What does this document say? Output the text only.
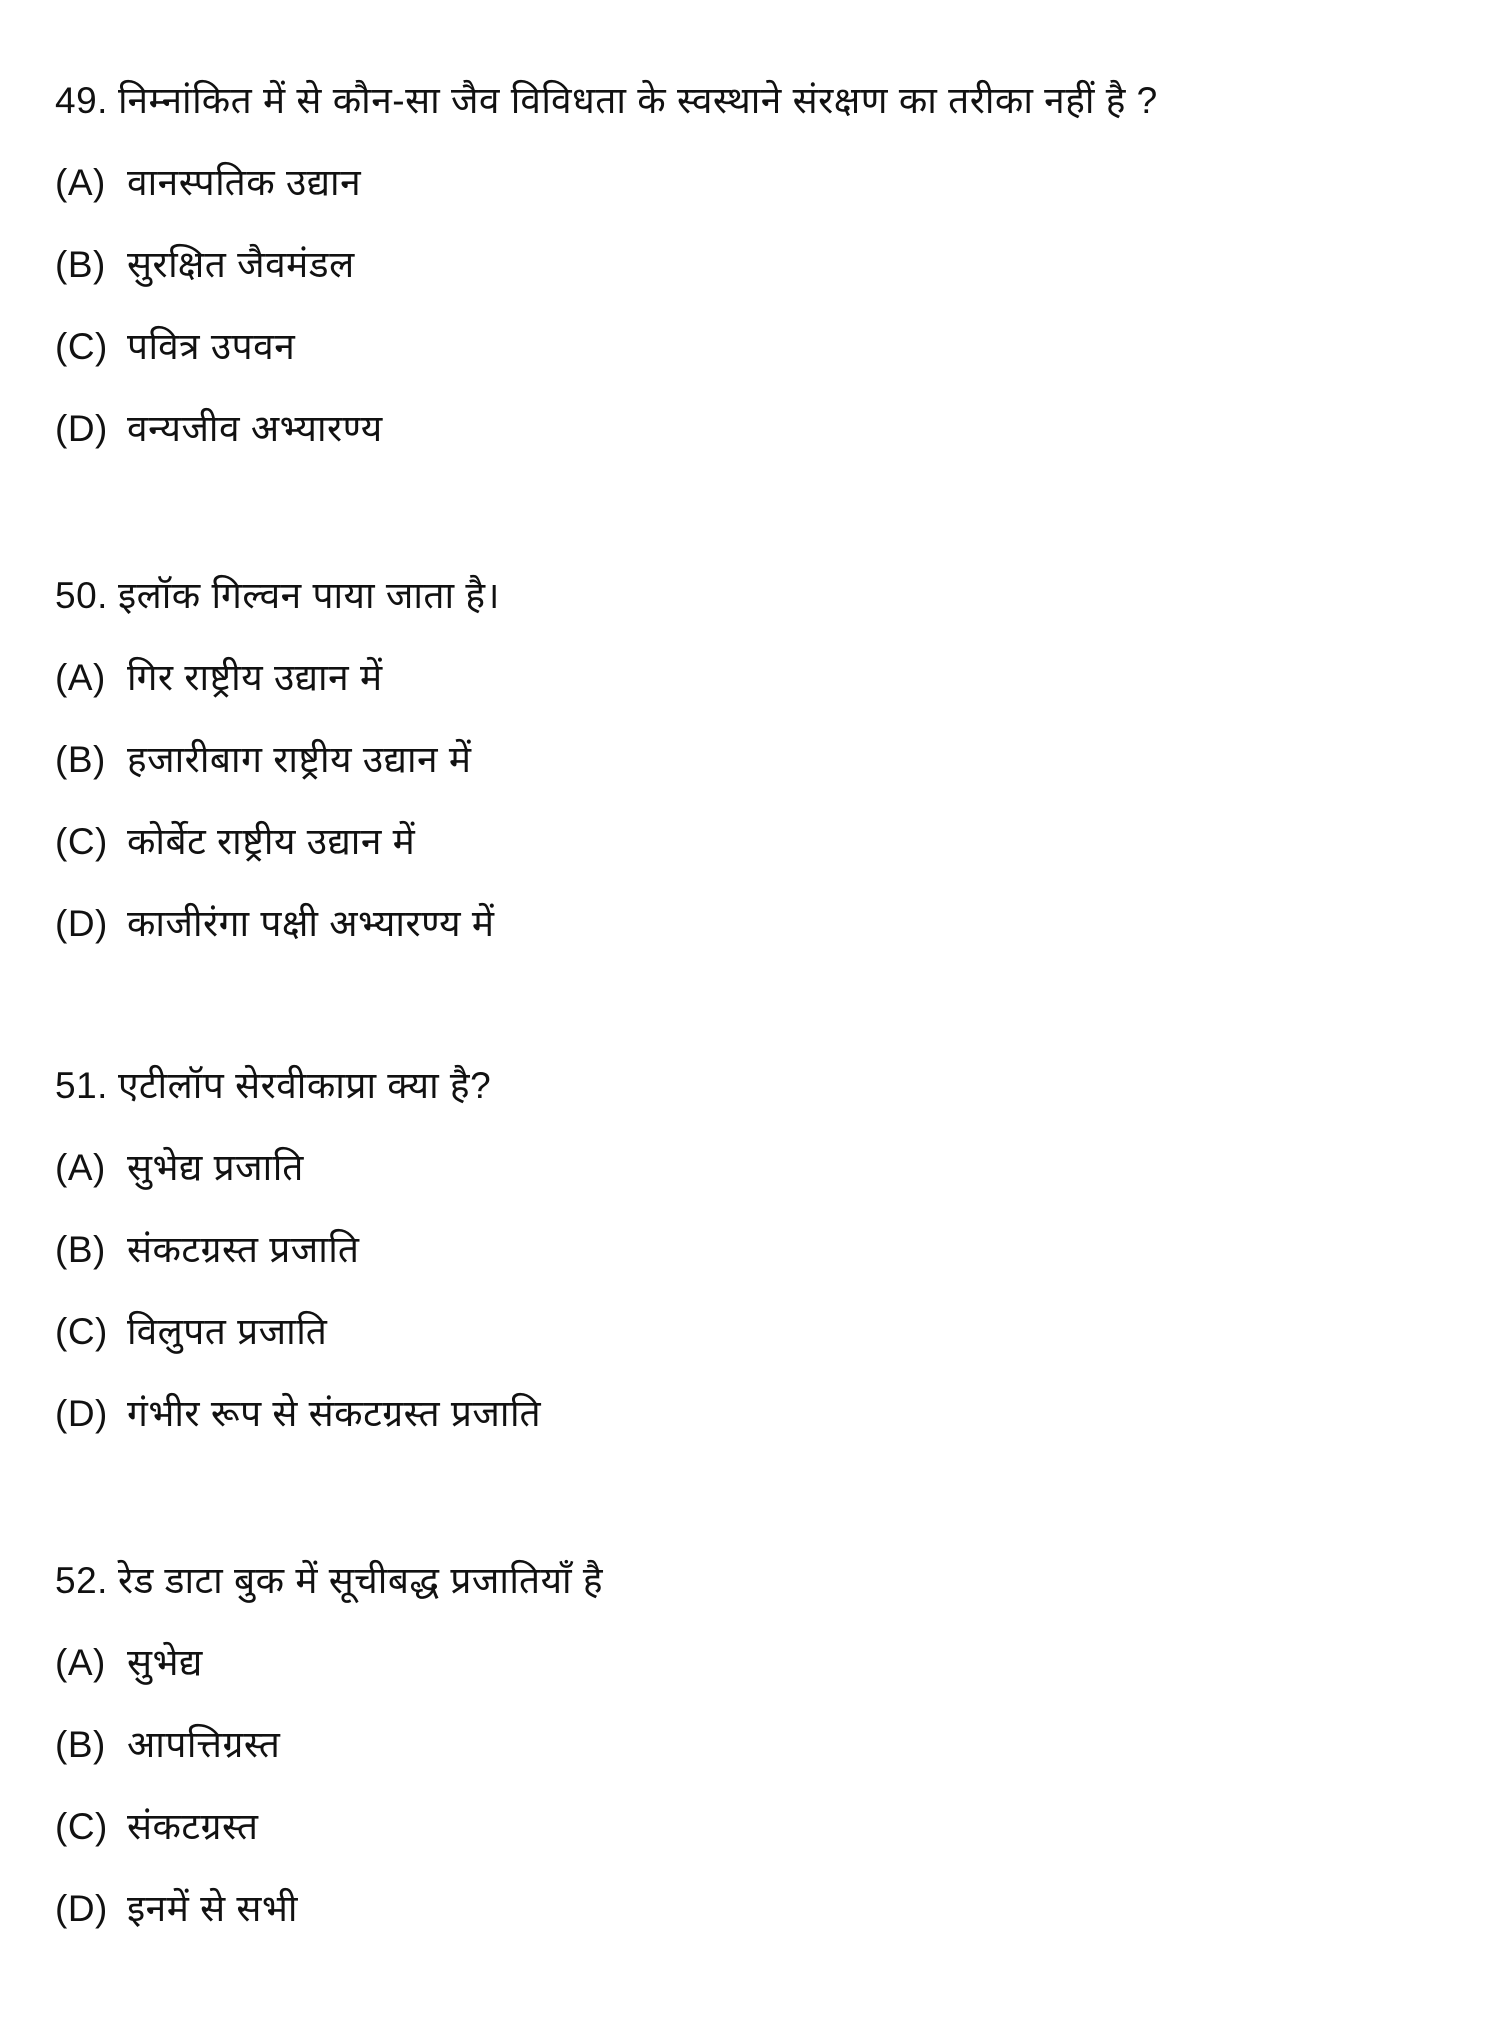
49. निम्नांकित में से कौन-सा जैव विविधता के स्वस्थाने संरक्षण का तरीका नहीं है ?
(A) वानस्पतिक उद्यान
(B) सुरक्षित जैवमंडल
(C) पवित्र उपवन
(D) वन्यजीव अभ्यारण्य
50. इलॉक गिल्वन पाया जाता है।
(A) गिर राष्ट्रीय उद्यान में
(B) हजारीबाग राष्ट्रीय उद्यान में
(C) कोर्बेट राष्ट्रीय उद्यान में
(D) काजीरंगा पक्षी अभ्यारण्य में
51. एटीलॉप सेरवीकाप्रा क्या है?
(A) सुभेद्य प्रजाति
(B) संकटग्रस्त प्रजाति
(C) विलुपत प्रजाति
(D) गंभीर रूप से संकटग्रस्त प्रजाति
52. रेड डाटा बुक में सूचीबद्ध प्रजातियाँ है
(A) सुभेद्य
(B) आपत्तिग्रस्त
(C) संकटग्रस्त
(D) इनमें से सभी
